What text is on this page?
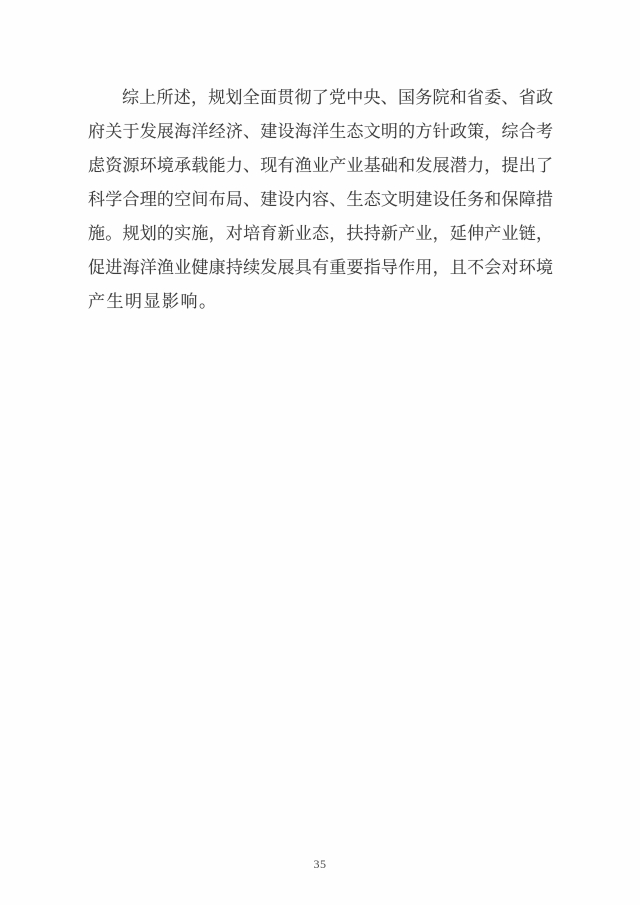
综上所述，规划全面贯彻了党中央、国务院和省委、省政
府关于发展海洋经济、建设海洋生态文明的方针政策，综合考
虑资源环境承载能力、现有渔业产业基础和发展潜力，提出了
科学合理的空间布局、建设内容、生态文明建设任务和保障措
施。规划的实施，对培育新业态，扶持新产业，延伸产业链，
促进海洋渔业健康持续发展具有重要指导作用，且不会对环境
产生明显影响。
35
